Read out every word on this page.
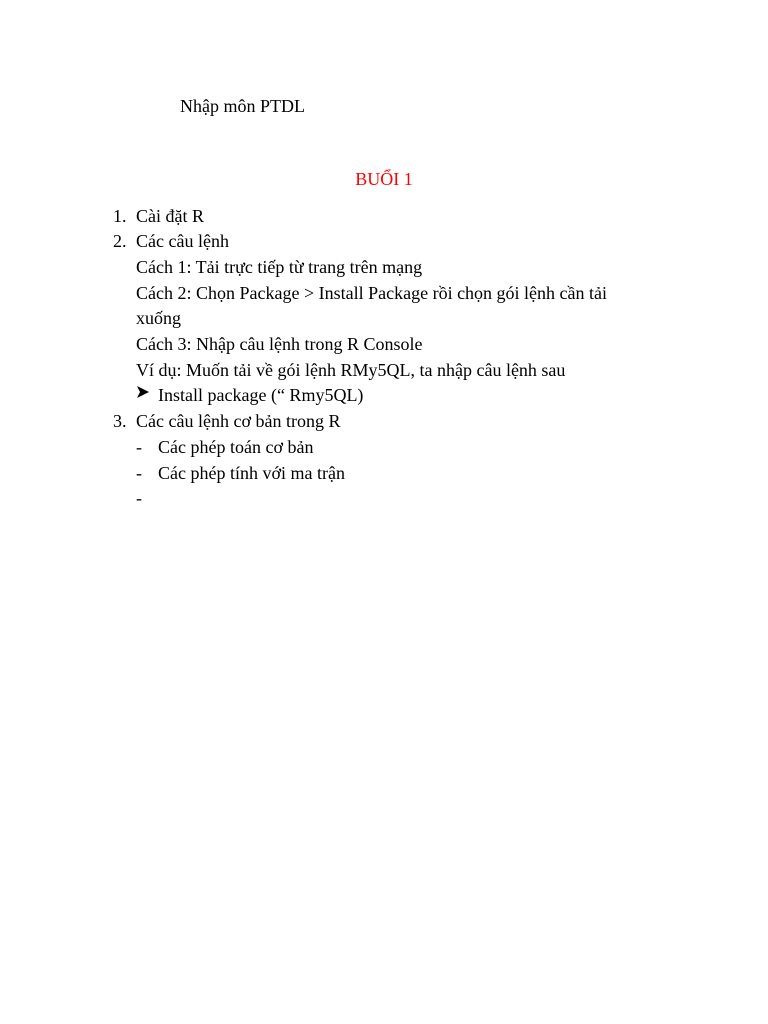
Nhập môn PTDL
BUỔI 1
1. Cài đặt R
2. Các câu lệnh
Cách 1: Tải trực tiếp từ trang trên mạng
Cách 2: Chọn Package > Install Package rồi chọn gói lệnh cần tải
xuống
Cách 3: Nhập câu lệnh trong R Console
Ví dụ: Muốn tải về gói lệnh RMy5QL, ta nhập câu lệnh sau
Install package (“ Rmy5QL)
3. Các câu lệnh cơ bản trong R
- Các phép toán cơ bản
- Các phép tính với ma trận
-
